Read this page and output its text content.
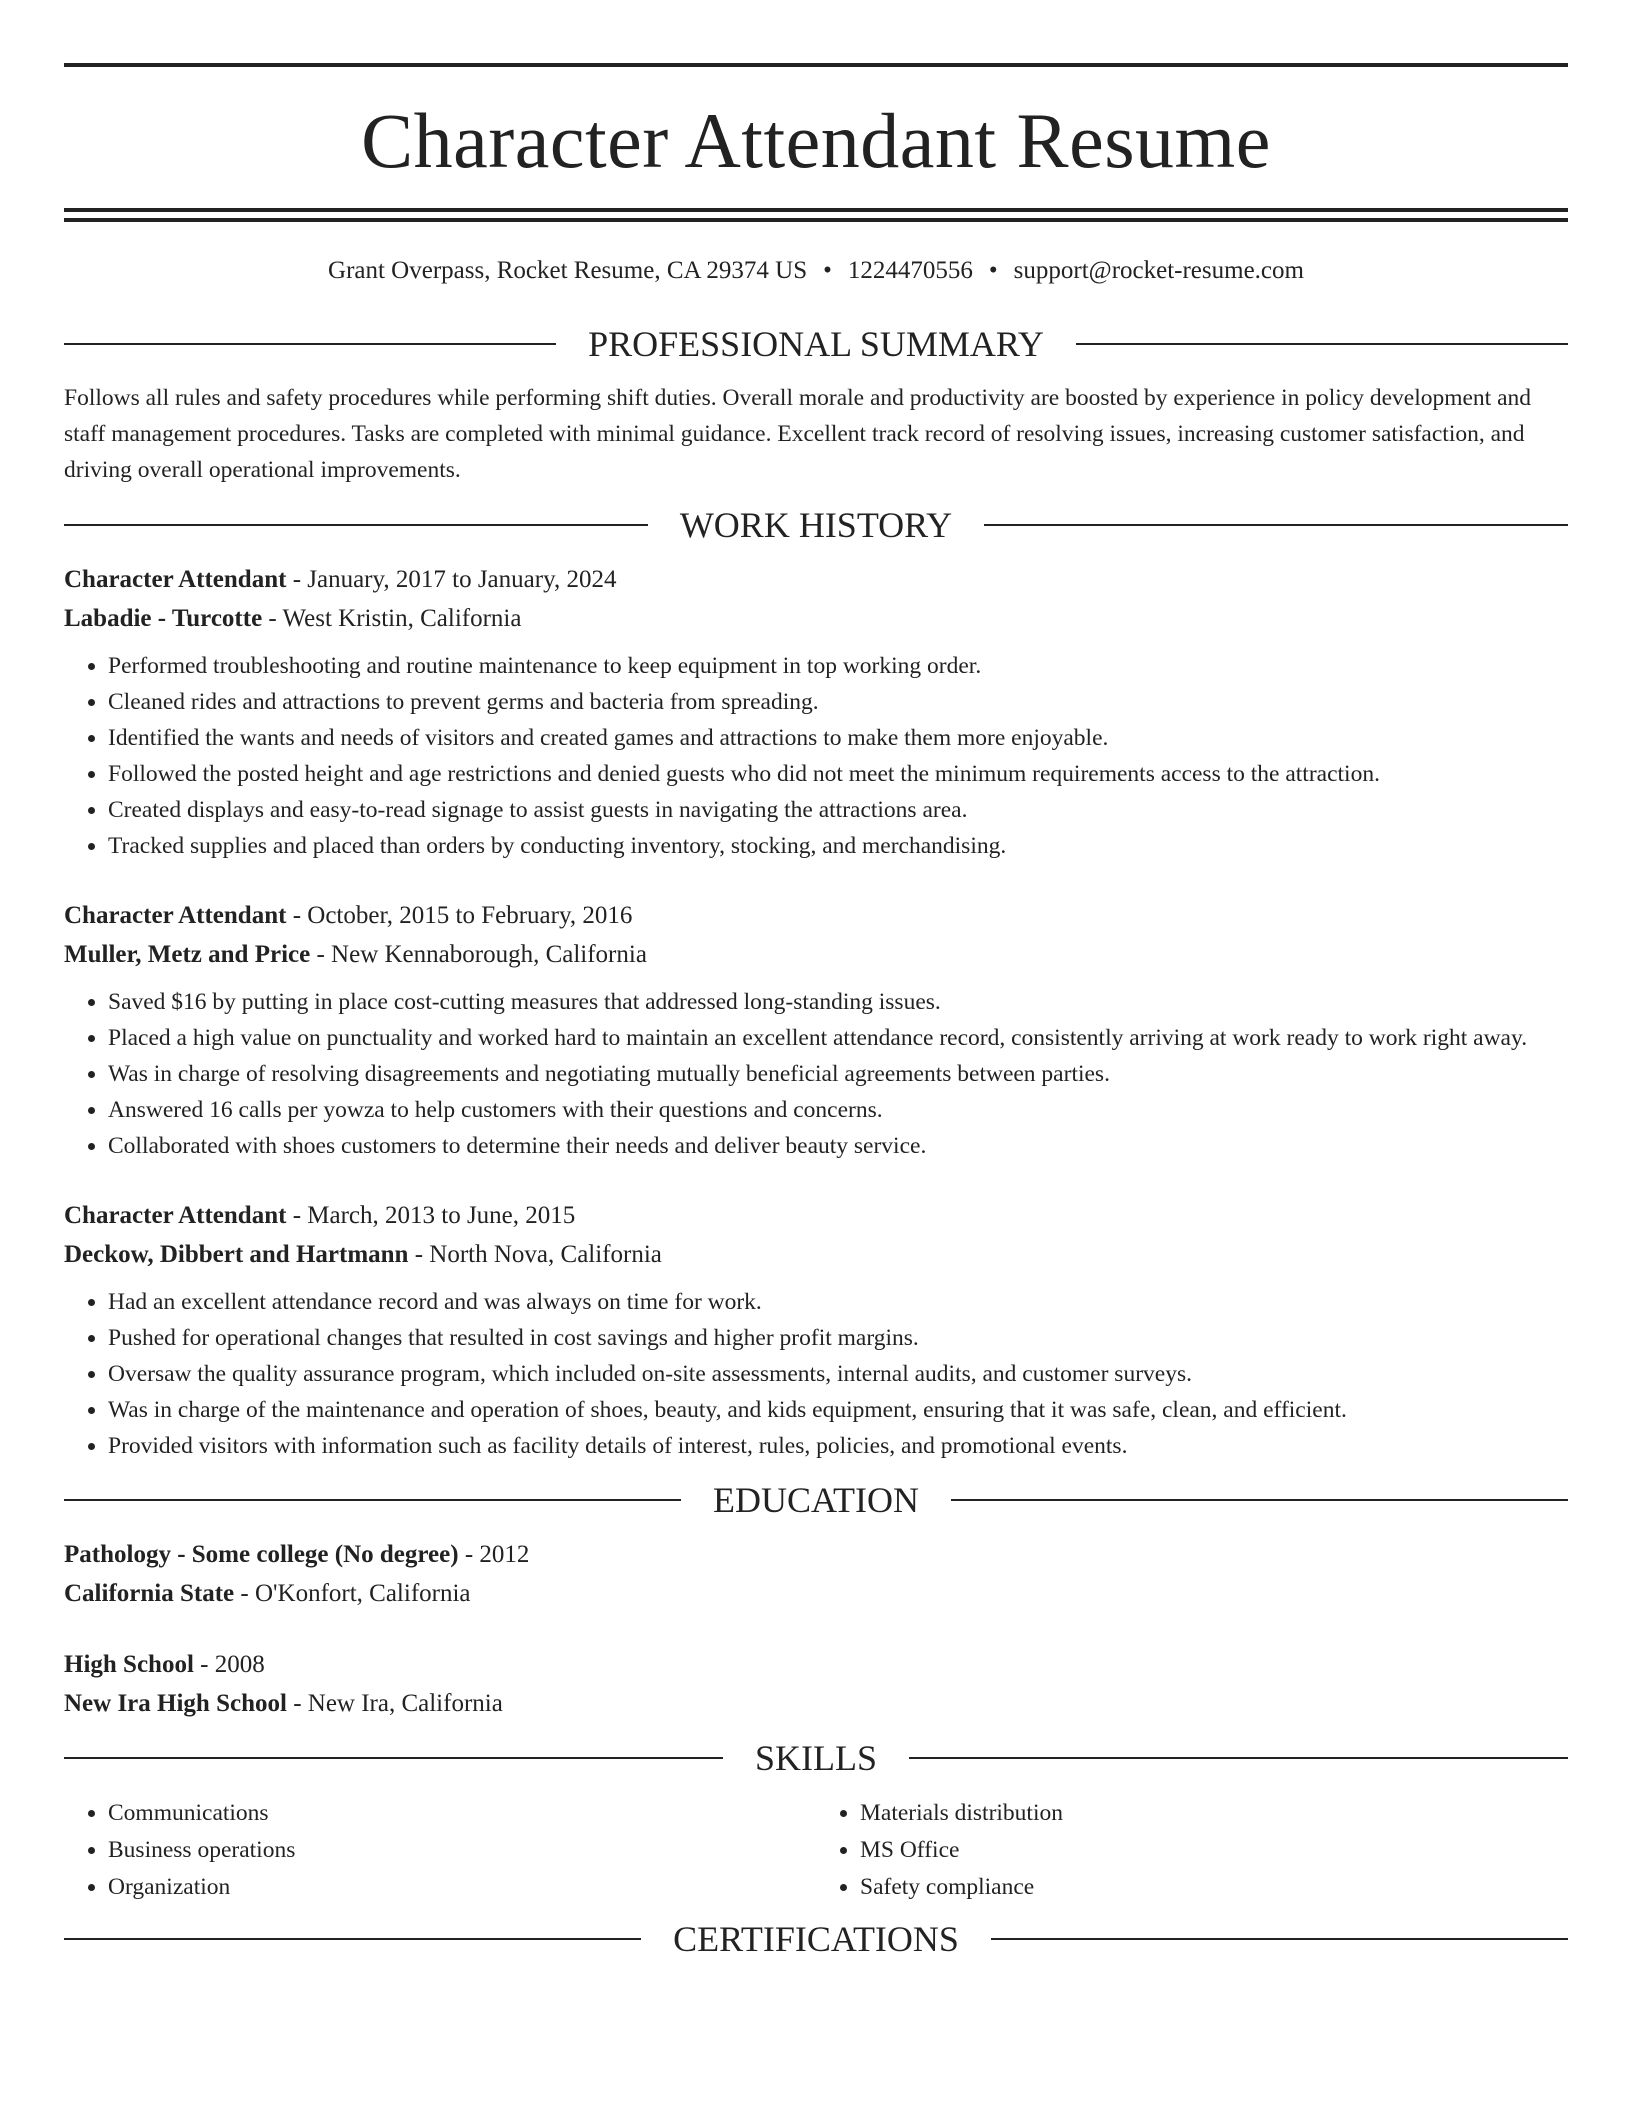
Character Attendant Resume
Grant Overpass, Rocket Resume, CA 29374 US • 1224470556 • support@rocket-resume.com
PROFESSIONAL SUMMARY

Follows all rules and safety procedures while performing shift duties. Overall morale and productivity are boosted by experience in policy development and staff management procedures. Tasks are completed with minimal guidance. Excellent track record of resolving issues, increasing customer satisfaction, and driving overall operational improvements.

WORK HISTORY

Character Attendant - January, 2017 to January, 2024

Labadie - Turcotte - West Kristin, California

• Performed troubleshooting and routine maintenance to keep equipment in top working order.
• Cleaned rides and attractions to prevent germs and bacteria from spreading.
• Identified the wants and needs of visitors and created games and attractions to make them more enjoyable.
• Followed the posted height and age restrictions and denied guests who did not meet the minimum requirements access to the attraction.
• Created displays and easy-to-read signage to assist guests in navigating the attractions area.
• Tracked supplies and placed than orders by conducting inventory, stocking, and merchandising.

Character Attendant - October, 2015 to February, 2016

Muller, Metz and Price - New Kennaborough, California

• Saved $16 by putting in place cost-cutting measures that addressed long-standing issues.
• Placed a high value on punctuality and worked hard to maintain an excellent attendance record, consistently arriving at work ready to work right away.
• Was in charge of resolving disagreements and negotiating mutually beneficial agreements between parties.
• Answered 16 calls per yowza to help customers with their questions and concerns.
• Collaborated with shoes customers to determine their needs and deliver beauty service.

Character Attendant - March, 2013 to June, 2015

Deckow, Dibbert and Hartmann - North Nova, California

• Had an excellent attendance record and was always on time for work.
• Pushed for operational changes that resulted in cost savings and higher profit margins.
• Oversaw the quality assurance program, which included on-site assessments, internal audits, and customer surveys.
• Was in charge of the maintenance and operation of shoes, beauty, and kids equipment, ensuring that it was safe, clean, and efficient.
• Provided visitors with information such as facility details of interest, rules, policies, and promotional events.
EDUCATION

Pathology - Some college (No degree) - 2012

California State - O'Konfort, California

High School - 2008

New Ira High School - New Ira, California

SKILLS
• Communications
• Business operations
• Organization
• Materials distribution
• MS Office
• Safety compliance
CERTIFICATIONS
